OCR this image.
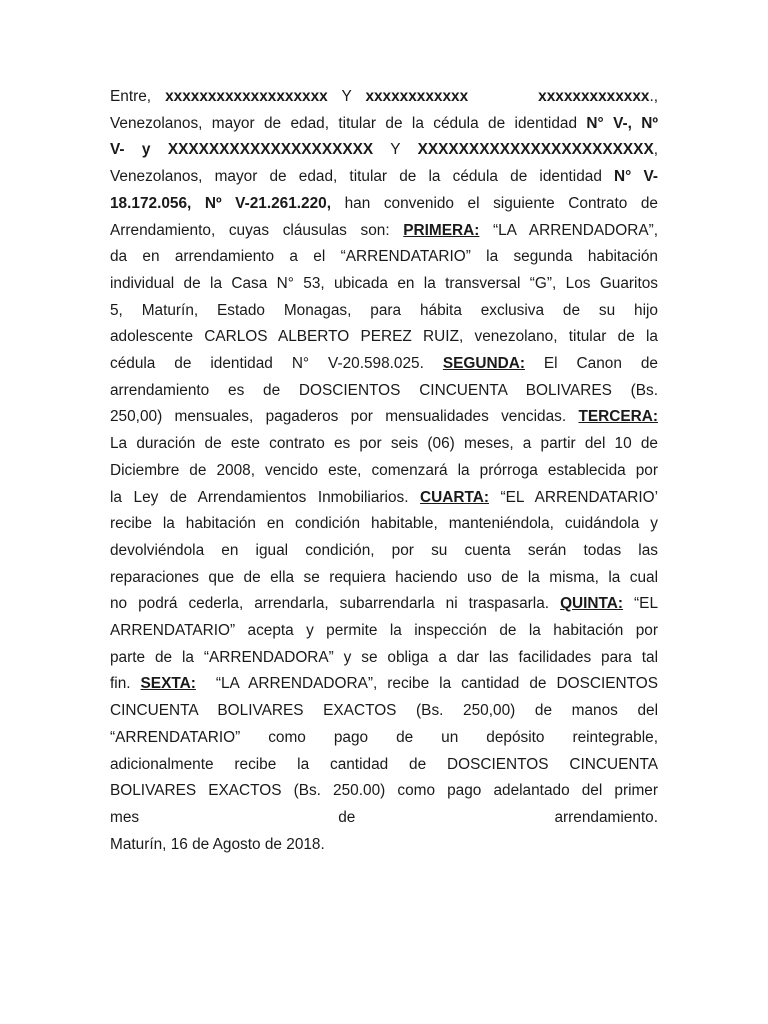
Entre, xxxxxxxxxxxxxxxxxxx Y xxxxxxxxxxxx     xxxxxxxxxxxxx.,
Venezolanos, mayor de edad, titular de la cédula de identidad N° V-, Nº
V- y XXXXXXXXXXXXXXXXXXXX Y XXXXXXXXXXXXXXXXXXXXXXX,
Venezolanos, mayor de edad, titular de la cédula de identidad N° V-
18.172.056, Nº V-21.261.220, han convenido el siguiente Contrato de
Arrendamiento, cuyas cláusulas son: PRIMERA: “LA ARRENDADORA”,
da en arrendamiento a el “ARRENDATARIO” la segunda habitación
individual de la Casa N° 53, ubicada en la transversal “G”, Los Guaritos
5, Maturín, Estado Monagas, para hábita exclusiva de su hijo
adolescente CARLOS ALBERTO PEREZ RUIZ, venezolano, titular de la
cédula de identidad N° V-20.598.025. SEGUNDA: El Canon de
arrendamiento es de DOSCIENTOS CINCUENTA BOLIVARES (Bs.
250,00) mensuales, pagaderos por mensualidades vencidas. TERCERA:
La duración de este contrato es por seis (06) meses, a partir del 10 de
Diciembre de 2008, vencido este, comenzará la prórroga establecida por
la Ley de Arrendamientos Inmobiliarios. CUARTA: “EL ARRENDATARIO’
recibe la habitación en condición habitable, manteniéndola, cuidándola y
devolviéndola en igual condición, por su cuenta serán todas las
reparaciones que de ella se requiera haciendo uso de la misma, la cual
no podrá cederla, arrendarla, subarrendarla ni traspasarla. QUINTA: “EL
ARRENDATARIO” acepta y permite la inspección de la habitación por
parte de la “ARRENDADORA” y se obliga a dar las facilidades para tal
fin. SEXTA:  “LA ARRENDADORA”, recibe la cantidad de DOSCIENTOS
CINCUENTA BOLIVARES EXACTOS (Bs. 250,00) de manos del
“ARRENDATARIO” como pago de un depósito reintegrable,
adicionalmente recibe la cantidad de DOSCIENTOS CINCUENTA
BOLIVARES EXACTOS (Bs. 250.00) como pago adelantado del primer
mes de arrendamiento.
Maturín, 16 de Agosto de 2018.
